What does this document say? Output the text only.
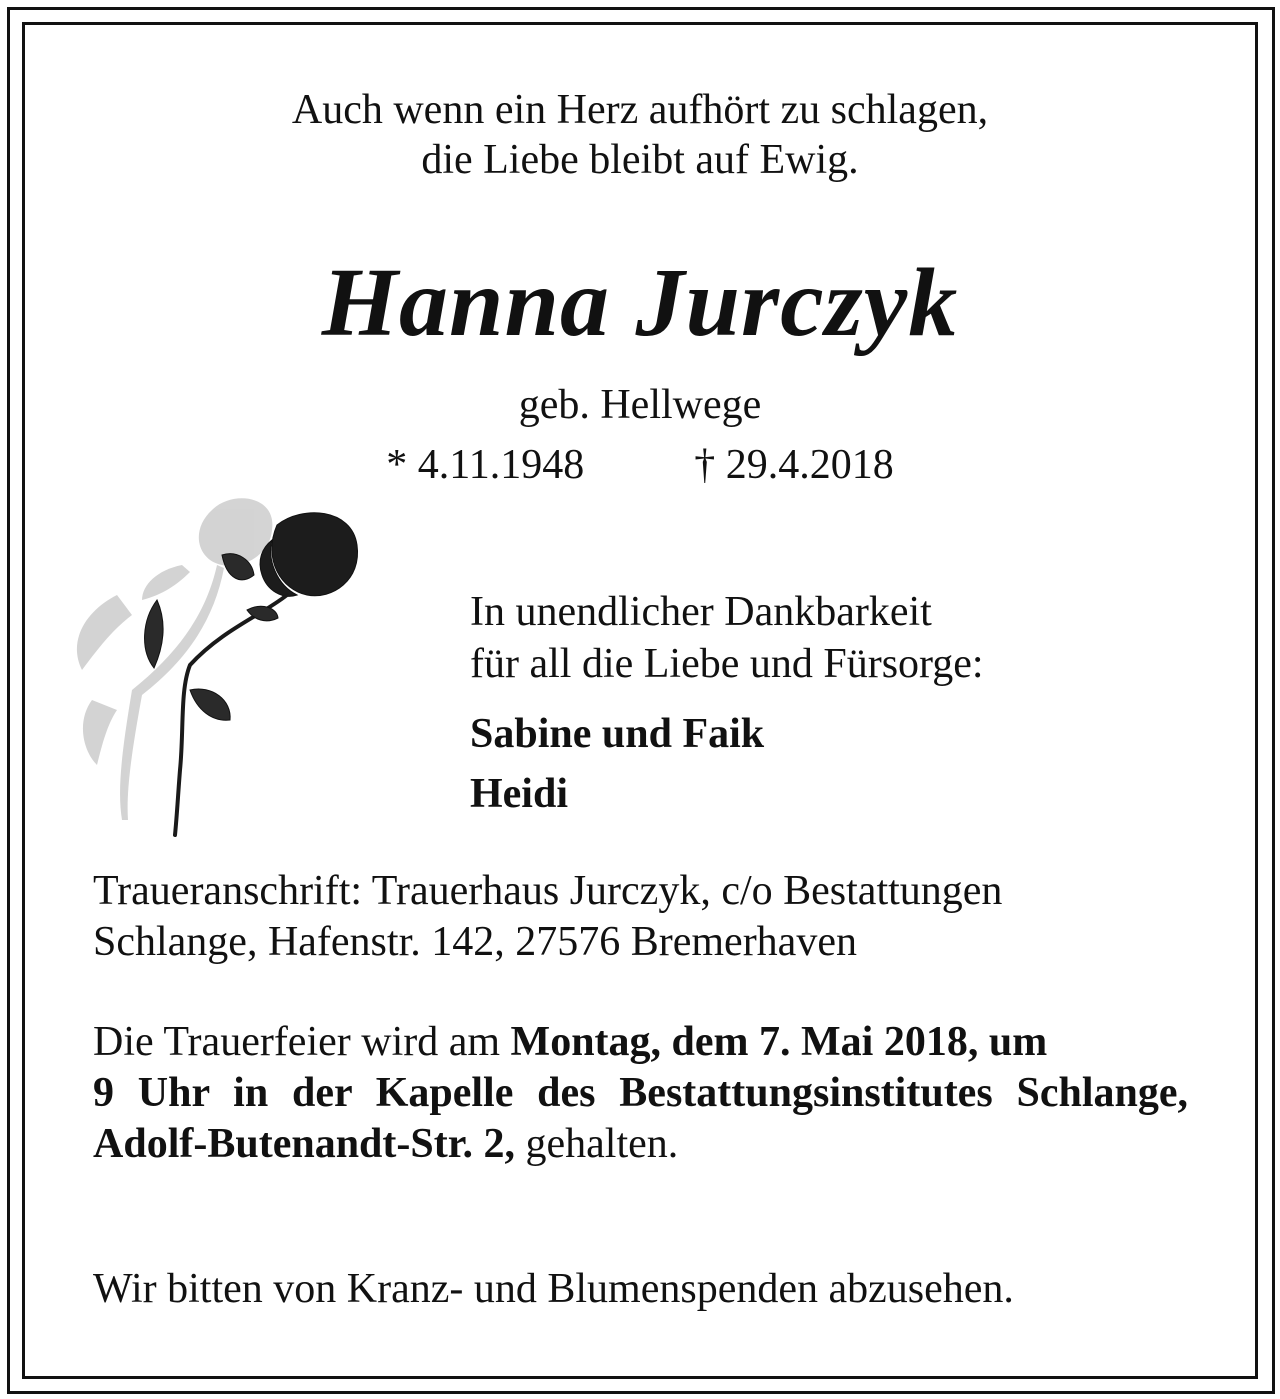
Auch wenn ein Herz aufhört zu schlagen,
die Liebe bleibt auf Ewig.
Hanna Jurczyk
geb. Hellwege
* 4.11.1948	† 29.4.2018
In unendlicher Dankbarkeit
für all die Liebe und Fürsorge:
Sabine und Faik
Heidi
Traueranschrift: Trauerhaus Jurczyk, c/o Bestattungen
Schlange, Hafenstr. 142, 27576 Bremerhaven
Die Trauerfeier wird am Montag, dem 7. Mai 2018, um
9 Uhr in der Kapelle des Bestattungsinstitutes Schlange, Adolf-Butenandt-Str. 2, gehalten.
Wir bitten von Kranz- und Blumenspenden abzusehen.
